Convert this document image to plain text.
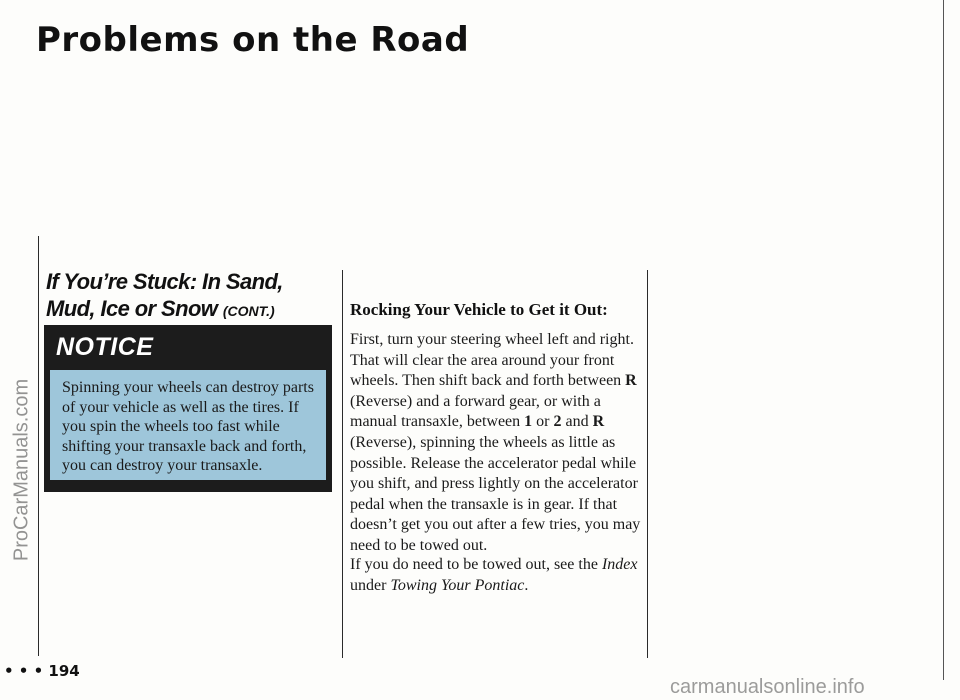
Problems on the Road
If You’re Stuck: In Sand, Mud, Ice or Snow (CONT.)
NOTICE
Spinning your wheels can destroy parts of your vehicle as well as the tires. If you spin the wheels too fast while shifting your transaxle back and forth, you can destroy your transaxle.
Rocking Your Vehicle to Get it Out:

First, turn your steering wheel left and right. That will clear the area around your front wheels. Then shift back and forth between R (Reverse) and a forward gear, or with a manual transaxle, between 1 or 2 and R (Reverse), spinning the wheels as little as possible. Release the accelerator pedal while you shift, and press lightly on the accelerator pedal when the transaxle is in gear. If that doesn’t get you out after a few tries, you may need to be towed out.

If you do need to be towed out, see the Index under Towing Your Pontiac.

• • • 194
ProCarManuals.com
carmanualsonline.info
